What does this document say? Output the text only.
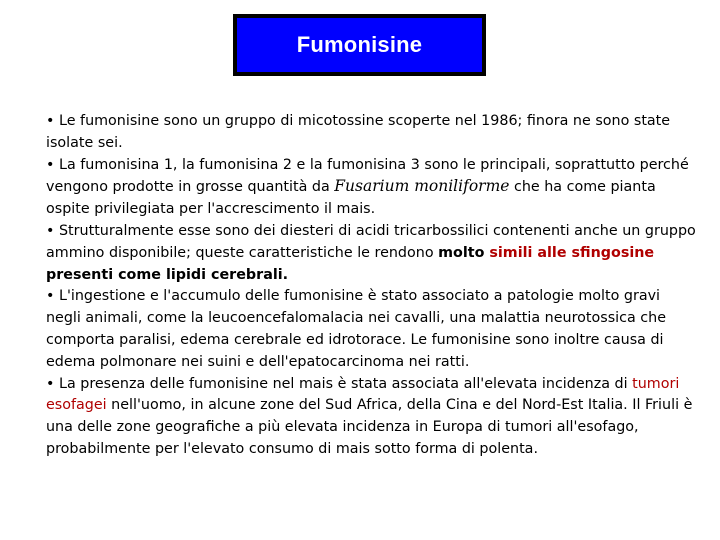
Fumonisine

• Le fumonisine sono un gruppo di micotossine scoperte nel 1986; finora ne sono state isolate sei.

• La fumonisina 1, la fumonisina 2 e la fumonisina 3 sono le principali, soprattutto perché vengono prodotte in grosse quantità da Fusarium moniliforme che ha come pianta ospite privilegiata per l'accrescimento il mais.

• Strutturalmente esse sono dei diesteri di acidi tricarbossilici contenenti anche un gruppo ammino disponibile; queste caratteristiche le rendono molto simili alle sfingosine presenti come lipidi cerebrali.

• L'ingestione e l'accumulo delle fumonisine è stato associato a patologie molto gravi negli animali, come la leucoencefalomalacia nei cavalli, una malattia neurotossica che comporta paralisi, edema cerebrale ed idrotorace. Le fumonisine sono inoltre causa di edema polmonare nei suini e dell'epatocarcinoma nei ratti.

• La presenza delle fumonisine nel mais è stata associata all'elevata incidenza di tumori esofagei nell'uomo, in alcune zone del Sud Africa, della Cina e del Nord-Est Italia. Il Friuli è una delle zone geografiche a più elevata incidenza in Europa di tumori all'esofago, probabilmente per l'elevato consumo di mais sotto forma di polenta.
